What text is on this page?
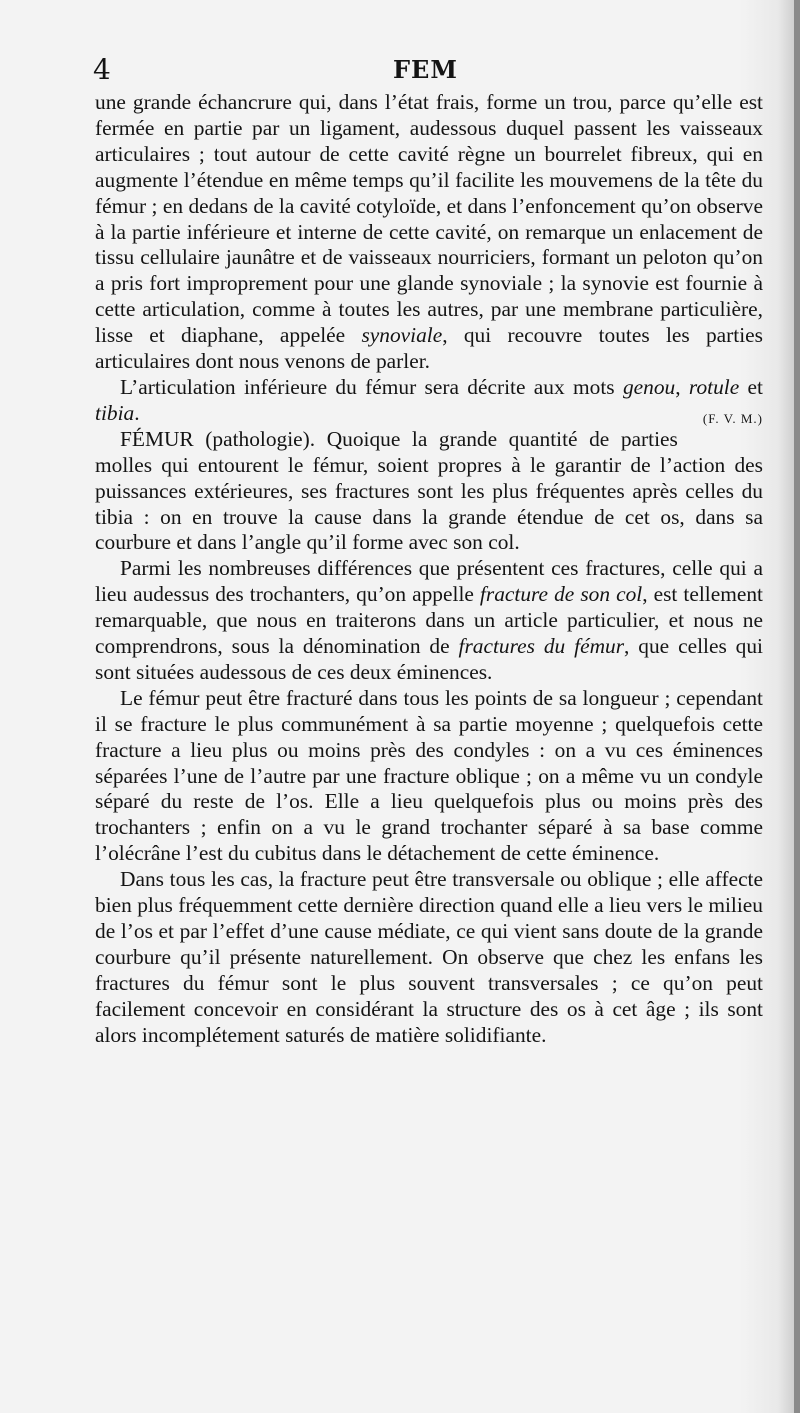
4	FEM

une grande échancrure qui, dans l’état frais, forme un trou, parce qu’elle est fermée en partie par un ligament, audessous duquel passent les vaisseaux articulaires ; tout autour de cette cavité règne un bourrelet fibreux, qui en augmente l’étendue en même temps qu’il facilite les mouvemens de la tête du fémur ; en dedans de la cavité cotyloïde, et dans l’enfoncement qu’on observe à la partie inférieure et interne de cette cavité, on remarque un enlacement de tissu cellulaire jaunâtre et de vaisseaux nourriciers, formant un peloton qu’on a pris fort improprement pour une glande synoviale ; la synovie est fournie à cette articulation, comme à toutes les autres, par une membrane particulière, lisse et diaphane, appelée synoviale, qui recouvre toutes les parties articulaires dont nous venons de parler.

L’articulation inférieure du fémur sera décrite aux mots genou, rotule et tibia.	(F. V. M.)

FÉMUR (pathologie). Quoique la grande quantité de parties molles qui entourent le fémur, soient propres à le garantir de l’action des puissances extérieures, ses fractures sont les plus fréquentes après celles du tibia : on en trouve la cause dans la grande étendue de cet os, dans sa courbure et dans l’angle qu’il forme avec son col.

Parmi les nombreuses différences que présentent ces fractures, celle qui a lieu audessus des trochanters, qu’on appelle fracture de son col, est tellement remarquable, que nous en traiterons dans un article particulier, et nous ne comprendrons, sous la dénomination de fractures du fémur, que celles qui sont situées audessous de ces deux éminences.

Le fémur peut être fracturé dans tous les points de sa longueur ; cependant il se fracture le plus communément à sa partie moyenne ; quelquefois cette fracture a lieu plus ou moins près des condyles : on a vu ces éminences séparées l’une de l’autre par une fracture oblique ; on a même vu un condyle séparé du reste de l’os. Elle a lieu quelquefois plus ou moins près des trochanters ; enfin on a vu le grand trochanter séparé à sa base comme l’olécrâne l’est du cubitus dans le détachement de cette éminence.

Dans tous les cas, la fracture peut être transversale ou oblique ; elle affecte bien plus fréquemment cette dernière direction quand elle a lieu vers le milieu de l’os et par l’effet d’une cause médiate, ce qui vient sans doute de la grande courbure qu’il présente naturellement. On observe que chez les enfans les fractures du fémur sont le plus souvent transversales ; ce qu’on peut facilement concevoir en considérant la structure des os à cet âge ; ils sont alors incomplétement saturés de matière solidifiante.
